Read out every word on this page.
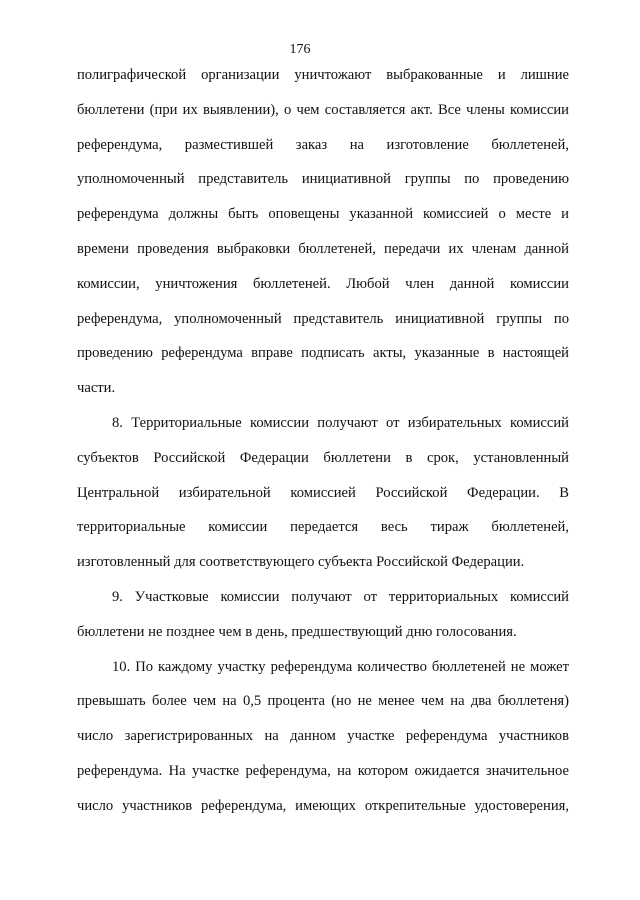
176
полиграфической организации уничтожают выбракованные и лишние
бюллетени (при их выявлении), о чем составляется акт. Все члены комиссии
референдума, разместившей заказ на изготовление бюллетеней,
уполномоченный представитель инициативной группы по проведению
референдума должны быть оповещены указанной комиссией о месте и
времени проведения выбраковки бюллетеней, передачи их членам данной
комиссии, уничтожения бюллетеней. Любой член данной комиссии
референдума, уполномоченный представитель инициативной группы по
проведению референдума вправе подписать акты, указанные в настоящей
части.
8. Территориальные комиссии получают от избирательных комиссий
субъектов Российской Федерации бюллетени в срок, установленный
Центральной избирательной комиссией Российской Федерации. В
территориальные комиссии передается весь тираж бюллетеней,
изготовленный для соответствующего субъекта Российской Федерации.
9. Участковые комиссии получают от территориальных комиссий
бюллетени не позднее чем в день, предшествующий дню голосования.
10. По каждому участку референдума количество бюллетеней не может
превышать более чем на 0,5 процента (но не менее чем на два бюллетеня)
число зарегистрированных на данном участке референдума участников
референдума. На участке референдума, на котором ожидается значительное
число участников референдума, имеющих открепительные удостоверения,
